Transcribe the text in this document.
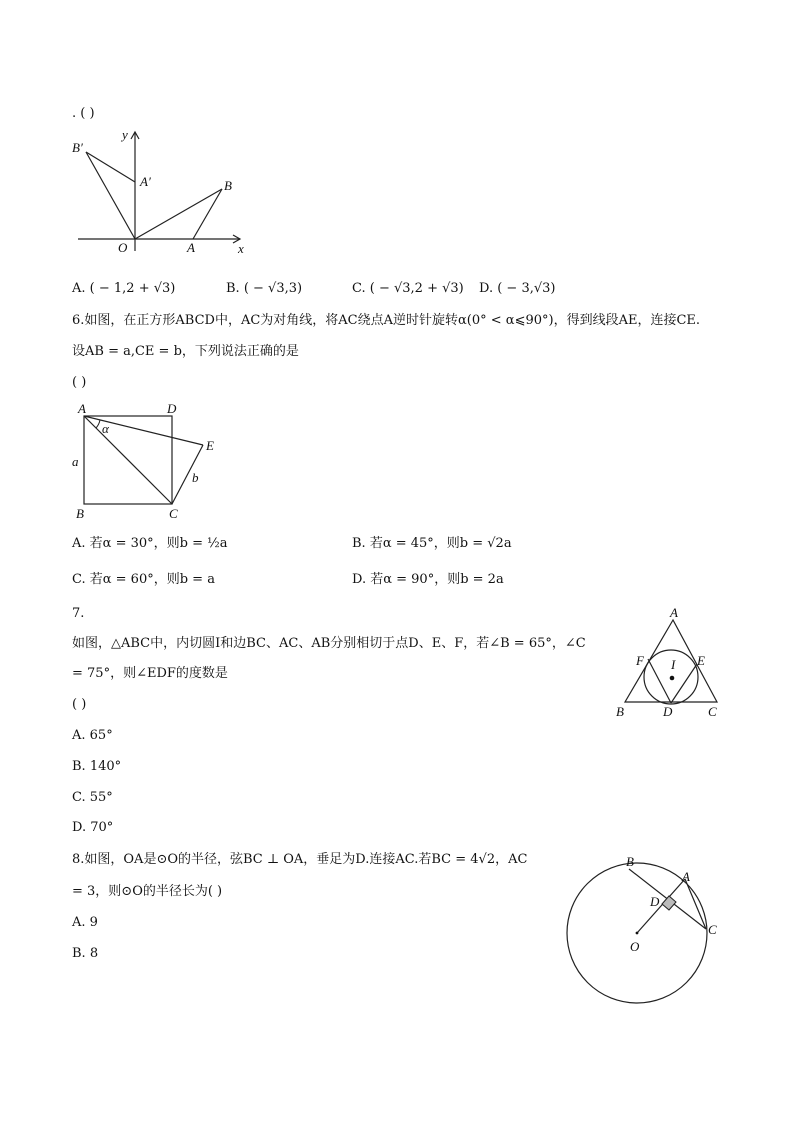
. ( )
B′
y
A′	B
O	A	x
A. ( − 1,2 + √3)	B. ( − √3,3)	C. ( − √3,2 + √3) D. ( − 3,√3)
6.如图，在正方形ABCD中，AC为对角线，将AC绕点A逆时针旋转α(0° < α⩽90°)，得到线段AE，连接CE.
设AB = a,CE = b，下列说法正确的是
( )
A	D
α
E
a
b
B	C
A. 若α = 30°，则b = ½a	B. 若α = 45°，则b = √2a
C. 若α = 60°，则b = a	D. 若α = 90°，则b = 2a
7.
如图，△ABC中，内切圆I和边BC、AC、AB分别相切于点D、E、F，若∠B = 65°，∠C
= 75°，则∠EDF的度数是
( )
A
F I E
B	D	C
A. 65°
B. 140°
C. 55°
D. 70°
8.如图，OA是⊙O的半径，弦BC ⊥ OA，垂足为D.连接AC.若BC = 4√2，AC
= 3，则⊙O的半径长为( )
A. 9
B. 8
B
A
D
C
O
